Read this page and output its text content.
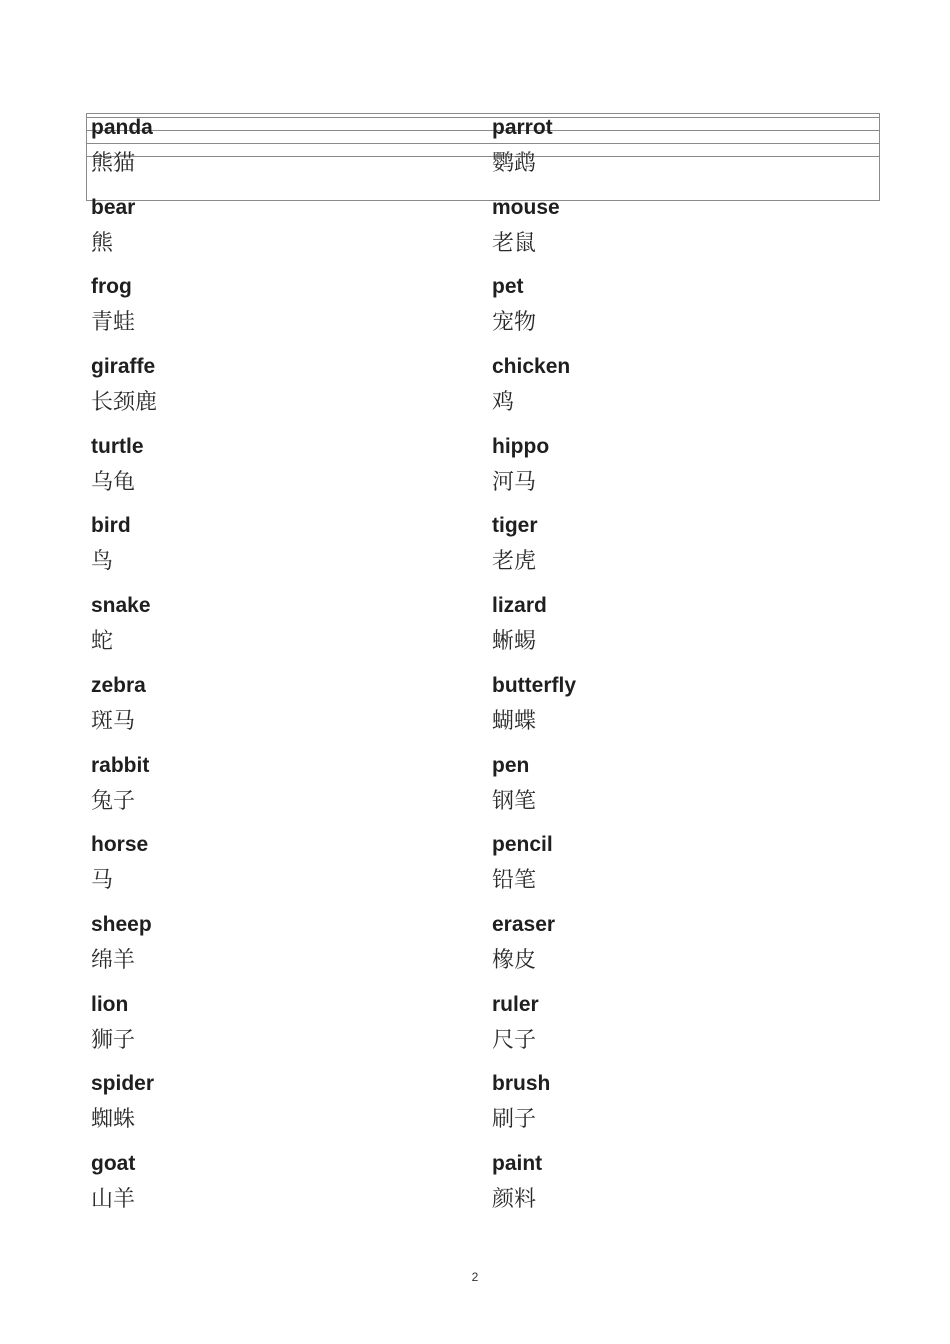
panda
熊猫
parrot
鹦鹉
bear
熊
mouse
老鼠
frog
青蛙
pet
宠物
giraffe
长颈鹿
chicken
鸡
turtle
乌龟
hippo
河马
bird
鸟
tiger
老虎
snake
蛇
lizard
蜥蜴
zebra
斑马
butterfly
蝴蝶
rabbit
兔子
pen
钢笔
horse
马
pencil
铅笔
sheep
绵羊
eraser
橡皮
lion
狮子
ruler
尺子
spider
蜘蛛
brush
刷子
goat
山羊
paint
颜料
2
